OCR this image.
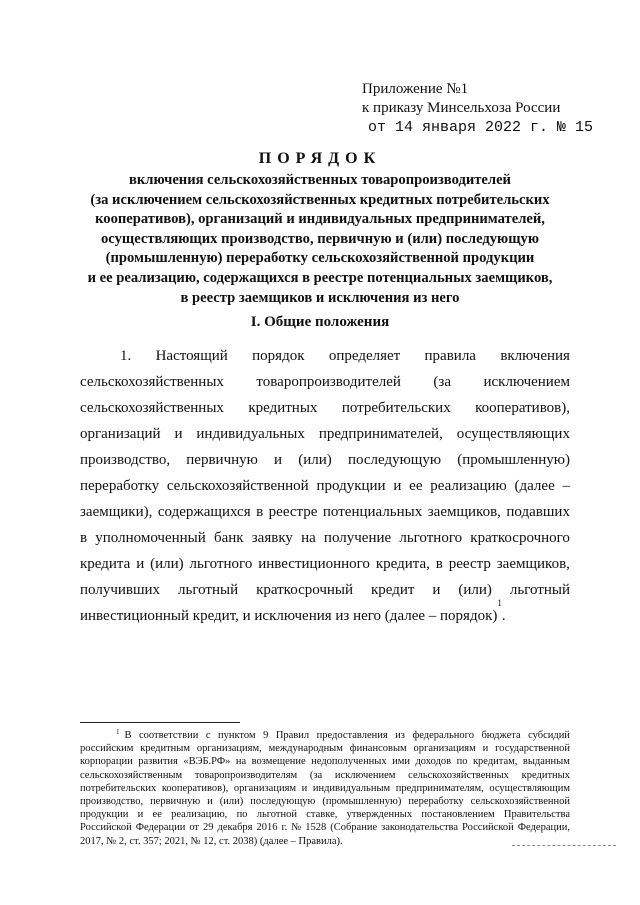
Приложение №1
к приказу Минсельхоза России
от 14 января 2022 г. № 15
ПОРЯДОК
включения сельскохозяйственных товаропроизводителей
(за исключением сельскохозяйственных кредитных потребительских
кооперативов), организаций и индивидуальных предпринимателей,
осуществляющих производство, первичную и (или) последующую
(промышленную) переработку сельскохозяйственной продукции
и ее реализацию, содержащихся в реестре потенциальных заемщиков,
в реестр заемщиков и исключения из него
I. Общие положения
1. Настоящий порядок определяет правила включения
сельскохозяйственных товаропроизводителей (за исключением
сельскохозяйственных кредитных потребительских кооперативов),
организаций и индивидуальных предпринимателей, осуществляющих
производство, первичную и (или) последующую (промышленную)
переработку сельскохозяйственной продукции и ее реализацию (далее –
заемщики), содержащихся в реестре потенциальных заемщиков, подавших
в уполномоченный банк заявку на получение льготного краткосрочного
кредита и (или) льготного инвестиционного кредита, в реестр заемщиков,
получивших льготный краткосрочный кредит и (или) льготный
инвестиционный кредит, и исключения из него (далее – порядок)
1
.
$^1$ В соответствии с пунктом 9 Правил предоставления из федерального бюджета субсидий
российским кредитным организациям, международным финансовым организациям и государственной
корпорации развития «ВЭБ.РФ» на возмещение недополученных ими доходов по кредитам, выданным
сельскохозяйственным товаропроизводителям (за исключением сельскохозяйственных кредитных
потребительских кооперативов), организациям и индивидуальным предпринимателям, осуществляющим
производство, первичную и (или) последующую (промышленную) переработку сельскохозяйственной
продукции и ее реализацию, по льготной ставке, утвержденных постановлением Правительства
Российской Федерации от 29 декабря 2016 г. № 1528 (Собрание законодательства Российской Федерации,
2017, № 2, ст. 357; 2021, № 12, ст. 2038) (далее – Правила).
